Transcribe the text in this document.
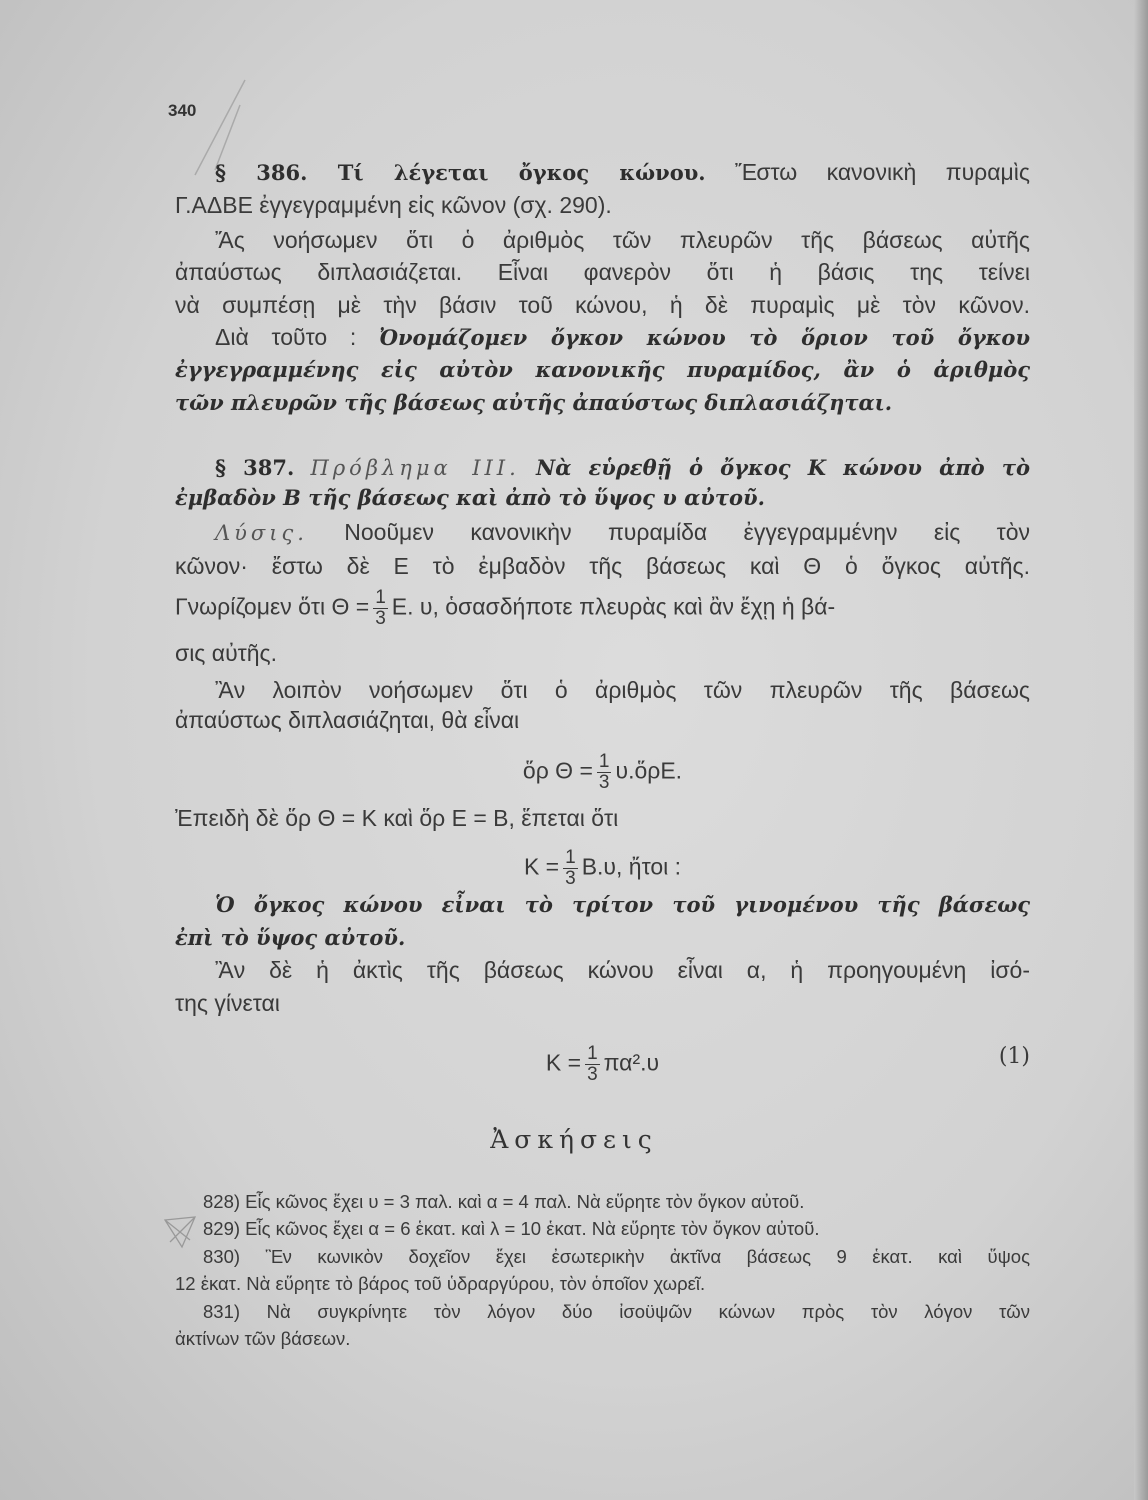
340
§ 386. Τί λέγεται ὄγκος κώνου. Ἔστω κανονικὴ πυραμὶς
Γ.ΑΔΒΕ ἐγγεγραμμένη εἰς κῶνον (σχ. 290).
Ἄς νοήσωμεν ὅτι ὁ ἀριθμὸς τῶν πλευρῶν τῆς βάσεως αὐτῆς
ἀπαύστως διπλασιάζεται. Εἶναι φανερὸν ὅτι ἡ βάσις της τείνει
νὰ συμπέσῃ μὲ τὴν βάσιν τοῦ κώνου, ἡ δὲ πυραμὶς μὲ τὸν κῶνον.
Διὰ τοῦτο : Ὀνομάζομεν ὄγκον κώνου τὸ ὅριον τοῦ ὄγκου
ἐγγεγραμμένης εἰς αὐτὸν κανονικῆς πυραμίδος, ἂν ὁ ἀριθμὸς
τῶν πλευρῶν τῆς βάσεως αὐτῆς ἀπαύστως διπλασιάζηται.
§ 387. Πρόβλημα ΙΙΙ. Νὰ εὑρεθῇ ὁ ὄγκος Κ κώνου ἀπὸ τὸ
ἐμβαδὸν Β τῆς βάσεως καὶ ἀπὸ τὸ ὕψος υ αὐτοῦ.
Λύσις. Νοοῦμεν κανονικὴν πυραμίδα ἐγγεγραμμένην εἰς τὸν
κῶνον· ἔστω δὲ Ε τὸ ἐμβαδὸν τῆς βάσεως καὶ Θ ὁ ὄγκος αὐτῆς.
Γνωρίζομεν ὅτι $\Theta = \frac{1}{3} E$. υ, ὁσασδήποτε πλευρὰς καὶ ἂν ἔχῃ ἡ βά-
σις αὐτῆς.
Ἂν λοιπὸν νοήσωμεν ὅτι ὁ ἀριθμὸς τῶν πλευρῶν τῆς βάσεως
ἀπαύστως διπλασιάζηται, θὰ εἶναι
ὅρ $\Theta = \frac{1}{3}$ υ.ὅρΕ.
Ἐπειδὴ δὲ ὅρ Θ = Κ καὶ ὅρ Ε = Β, ἕπεται ὅτι
$K = \frac{1}{3} B.\upsilon$, ἤτοι :
Ὁ ὄγκος κώνου εἶναι τὸ τρίτον τοῦ γινομένου τῆς βάσεως
ἐπὶ τὸ ὕψος αὐτοῦ.
Ἂν δὲ ἡ ἀκτὶς τῆς βάσεως κώνου εἶναι α, ἡ προηγουμένη ἰσό-
της γίνεται
$K = \frac{1}{3} \pi\alpha^2.\upsilon$	(1)
Ἀσκήσεις
828) Εἷς κῶνος ἔχει υ = 3 παλ. καὶ α = 4 παλ. Νὰ εὕρητε τὸν ὄγκον αὐτοῦ.
829) Εἷς κῶνος ἔχει α = 6 ἑκατ. καὶ λ = 10 ἑκατ. Νὰ εὕρητε τὸν ὄγκον αὐτοῦ.
830) Ἓν κωνικὸν δοχεῖον ἔχει ἐσωτερικὴν ἀκτῖνα βάσεως 9 ἑκατ. καὶ ὕψος
12 ἑκατ. Νὰ εὕρητε τὸ βάρος τοῦ ὑδραργύρου, τὸν ὁποῖον χωρεῖ.
831) Νὰ συγκρίνητε τὸν λόγον δύο ἰσοϋψῶν κώνων πρὸς τὸν λόγον τῶν
ἀκτίνων τῶν βάσεων.
